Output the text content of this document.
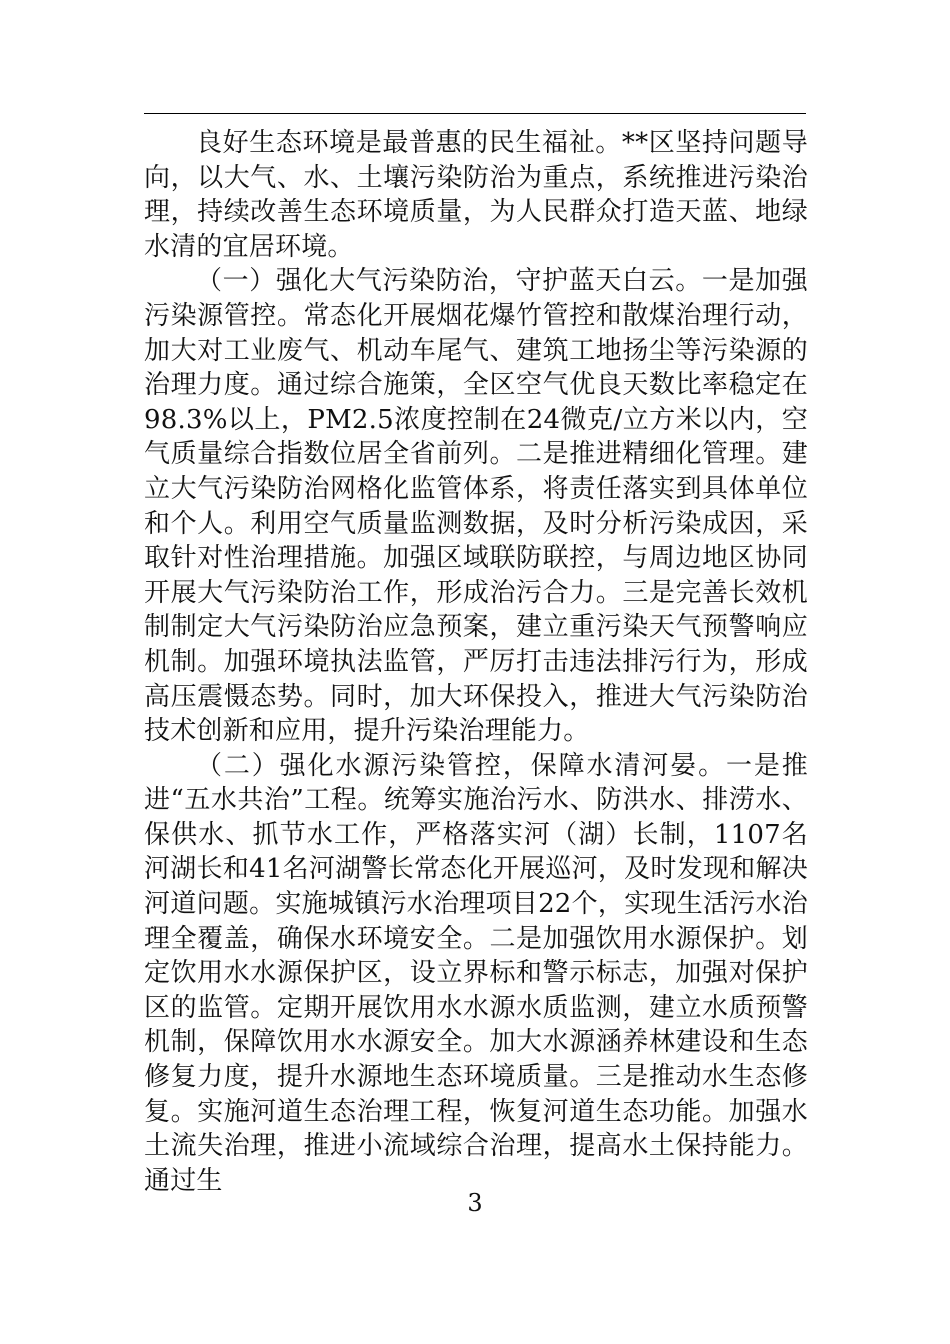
良好生态环境是最普惠的民生福祉。**区坚持问题导向，以大气、水、土壤污染防治为重点，系统推进污染治理，持续改善生态环境质量，为人民群众打造天蓝、地绿水清的宜居环境。

（一）强化大气污染防治，守护蓝天白云。一是加强污染源管控。常态化开展烟花爆竹管控和散煤治理行动，加大对工业废气、机动车尾气、建筑工地扬尘等污染源的治理力度。通过综合施策，全区空气优良天数比率稳定在98.3%以上，PM2.5浓度控制在24微克/立方米以内，空气质量综合指数位居全省前列。二是推进精细化管理。建立大气污染防治网格化监管体系，将责任落实到具体单位和个人。利用空气质量监测数据，及时分析污染成因，采取针对性治理措施。加强区域联防联控，与周边地区协同开展大气污染防治工作，形成治污合力。三是完善长效机制制定大气污染防治应急预案，建立重污染天气预警响应机制。加强环境执法监管，严厉打击违法排污行为，形成高压震慑态势。同时，加大环保投入，推进大气污染防治技术创新和应用，提升污染治理能力。

（二）强化水源污染管控，保障水清河晏。一是推进“五水共治”工程。统筹实施治污水、防洪水、排涝水、保供水、抓节水工作，严格落实河（湖）长制，1107名河湖长和41名河湖警长常态化开展巡河，及时发现和解决河道问题。实施城镇污水治理项目22个，实现生活污水治理全覆盖，确保水环境安全。二是加强饮用水源保护。划定饮用水水源保护区，设立界标和警示标志，加强对保护区的监管。定期开展饮用水水源水质监测，建立水质预警机制，保障饮用水水源安全。加大水源涵养林建设和生态修复力度，提升水源地生态环境质量。三是推动水生态修复。实施河道生态治理工程，恢复河道生态功能。加强水土流失治理，推进小流域综合治理，提高水土保持能力。通过生

3
